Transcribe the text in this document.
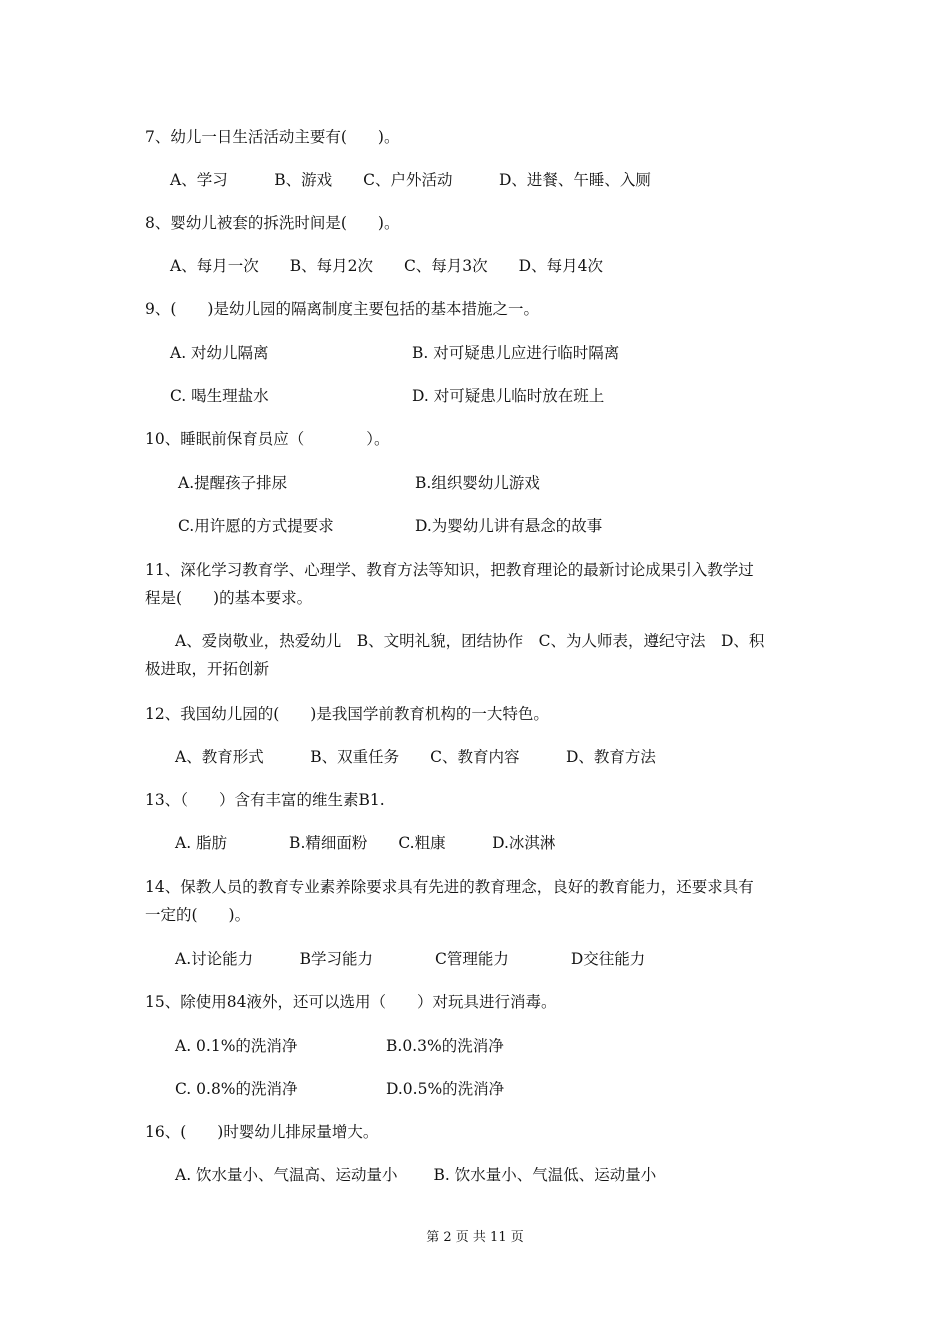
7、幼儿一日生活活动主要有(　　)。
A、学习　　　B、游戏　　C、户外活动　　　D、进餐、午睡、入厕
8、婴幼儿被套的拆洗时间是(　　)。
A、每月一次　　B、每月2次　　C、每月3次　　D、每月4次
9、(　　)是幼儿园的隔离制度主要包括的基本措施之一。
A. 对幼儿隔离	B. 对可疑患儿应进行临时隔离
C. 喝生理盐水	D. 对可疑患儿临时放在班上
10、睡眠前保育员应（　　　　）。
A.提醒孩子排尿	B.组织婴幼儿游戏
C.用许愿的方式提要求	D.为婴幼儿讲有悬念的故事
11、深化学习教育学、心理学、教育方法等知识，把教育理论的最新讨论成果引入教学过
程是(　　)的基本要求。
A、爱岗敬业，热爱幼儿　B、文明礼貌，团结协作　C、为人师表，遵纪守法　D、积
极进取，开拓创新
12、我国幼儿园的(　　)是我国学前教育机构的一大特色。
A、教育形式　　　B、双重任务　　C、教育内容　　　D、教育方法
13、（　　）含有丰富的维生素B1.
A. 脂肪　　　　B.精细面粉　　C.粗康　　　D.冰淇淋
14、保教人员的教育专业素养除要求具有先进的教育理念，良好的教育能力，还要求具有
一定的(　　)。
A.讨论能力　　　B学习能力　　　　C管理能力　　　　D交往能力
15、除使用84液外，还可以选用（　　）对玩具进行消毒。
A. 0.1%的洗消净	B.0.3%的洗消净
C. 0.8%的洗消净	D.0.5%的洗消净
16、(　　)时婴幼儿排尿量增大。
A. 饮水量小、气温高、运动量小　　 B. 饮水量小、气温低、运动量小
第 2 页 共 11 页
